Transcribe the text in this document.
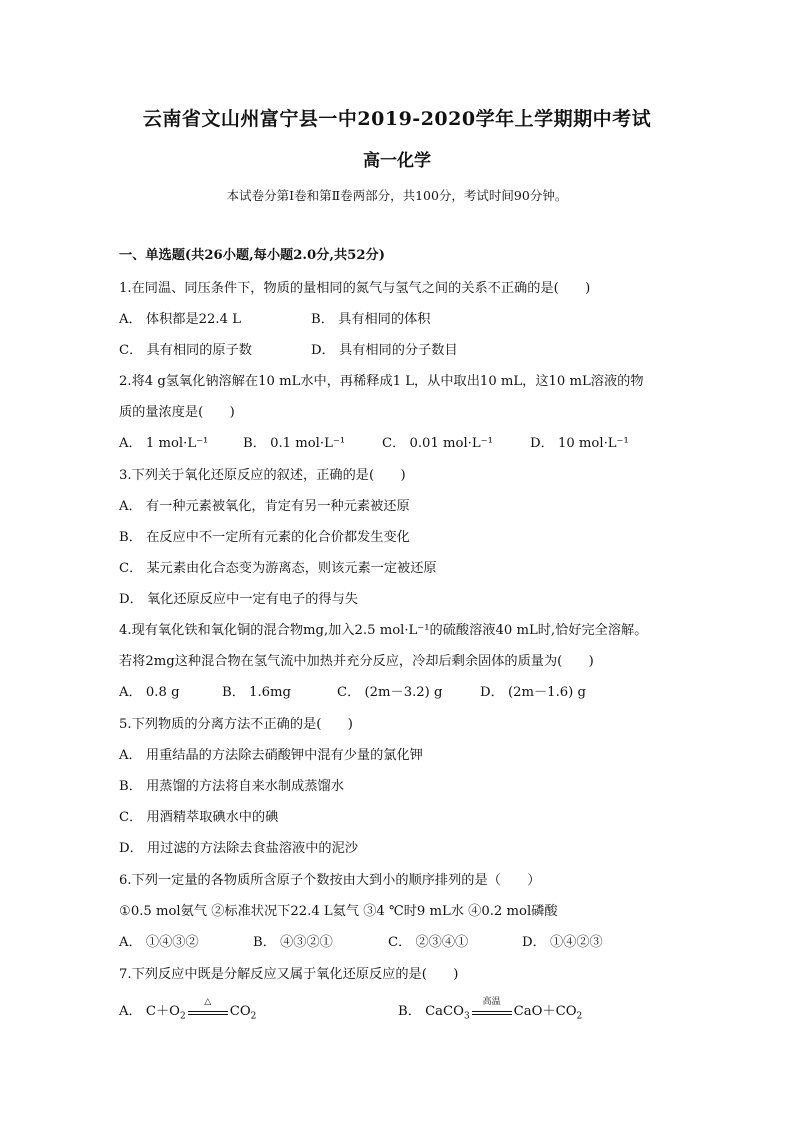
云南省文山州富宁县一中2019-2020学年上学期期中考试
高一化学
本试卷分第Ⅰ卷和第Ⅱ卷两部分，共100分，考试时间90分钟。
一、单选题(共26小题,每小题2.0分,共52分)
1.在同温、同压条件下，物质的量相同的氮气与氢气之间的关系不正确的是(　　)
A． 体积都是22.4 L	B． 具有相同的体积
C． 具有相同的原子数	D． 具有相同的分子数目
2.将4 g氢氧化钠溶解在10 mL水中，再稀释成1 L，从中取出10 mL，这10 mL溶液的物
质的量浓度是(　　)
A． 1 mol·L⁻¹	B． 0.1 mol·L⁻¹	C． 0.01 mol·L⁻¹	D． 10 mol·L⁻¹
3.下列关于氧化还原反应的叙述，正确的是(　　)
A． 有一种元素被氧化，肯定有另一种元素被还原
B． 在反应中不一定所有元素的化合价都发生变化
C． 某元素由化合态变为游离态，则该元素一定被还原
D． 氧化还原反应中一定有电子的得与失
4.现有氧化铁和氧化铜的混合物mg,加入2.5 mol·L⁻¹的硫酸溶液40 mL时,恰好完全溶解。
若将2mg这种混合物在氢气流中加热并充分反应，冷却后剩余固体的质量为(　　)
A． 0.8 g	B． 1.6mg	C． (2m－3.2) g	D． (2m－1.6) g
5.下列物质的分离方法不正确的是(　　)
A． 用重结晶的方法除去硝酸钾中混有少量的氯化钾
B． 用蒸馏的方法将自来水制成蒸馏水
C． 用酒精萃取碘水中的碘
D． 用过滤的方法除去食盐溶液中的泥沙
6.下列一定量的各物质所含原子个数按由大到小的顺序排列的是（　　）
①0.5 mol氨气 ②标准状况下22.4 L氦气 ③4 ℃时9 mL水 ④0.2 mol磷酸
A． ①④③②	B． ④③②①	C． ②③④①	D． ①④②③
7.下列反应中既是分解反应又属于氧化还原反应的是(　　)
A． $C+O_2$
△
$CO_2$	B． CaCO$_3$
高温
$CaO+CO_2$
